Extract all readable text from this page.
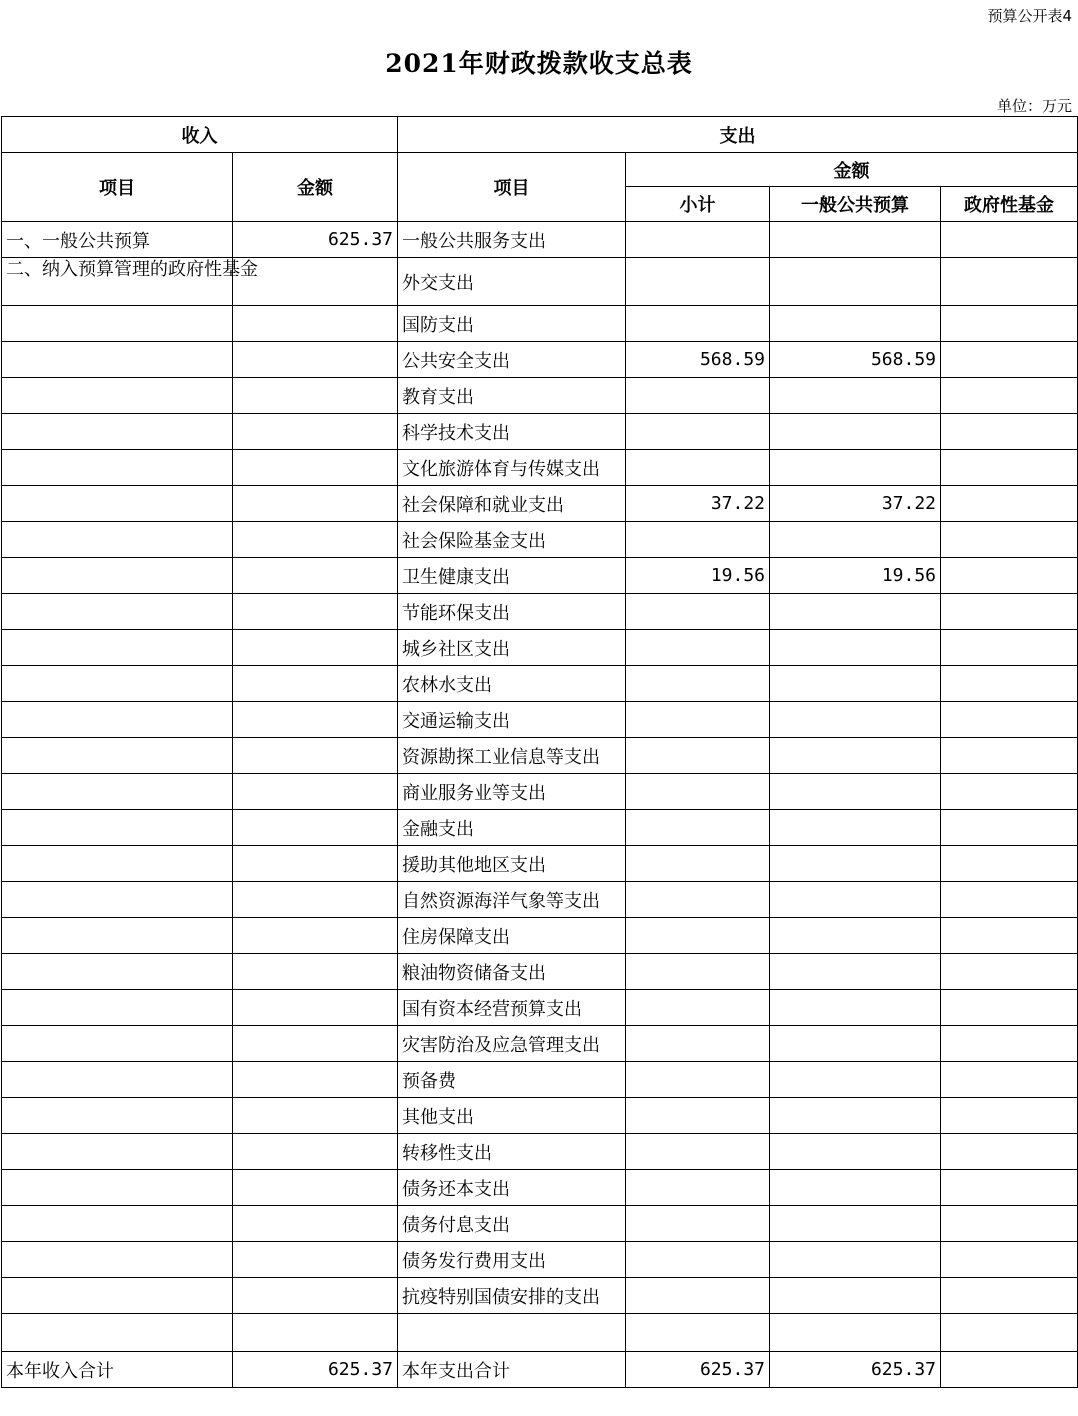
预算公开表4
2021年财政拨款收支总表
单位：万元
收入		支出			
项目	金额	项目	金额		
			小计	一般公共预算	政府性基金
一、一般公共预算	625.37	一般公共服务支出			
二、纳入预算管理的政府性基金		外交支出			
		国防支出			
		公共安全支出	568.59	568.59	
		教育支出			
		科学技术支出			
		文化旅游体育与传媒支出			
		社会保障和就业支出	37.22	37.22	
		社会保险基金支出			
		卫生健康支出	19.56	19.56	
		节能环保支出			
		城乡社区支出			
		农林水支出			
		交通运输支出			
		资源勘探工业信息等支出			
		商业服务业等支出			
		金融支出			
		援助其他地区支出			
		自然资源海洋气象等支出			
		住房保障支出			
		粮油物资储备支出			
		国有资本经营预算支出			
		灾害防治及应急管理支出			
		预备费			
		其他支出			
		转移性支出			
		债务还本支出			
		债务付息支出			
		债务发行费用支出			
		抗疫特别国债安排的支出			

本年收入合计	625.37	本年支出合计	625.37	625.37	
